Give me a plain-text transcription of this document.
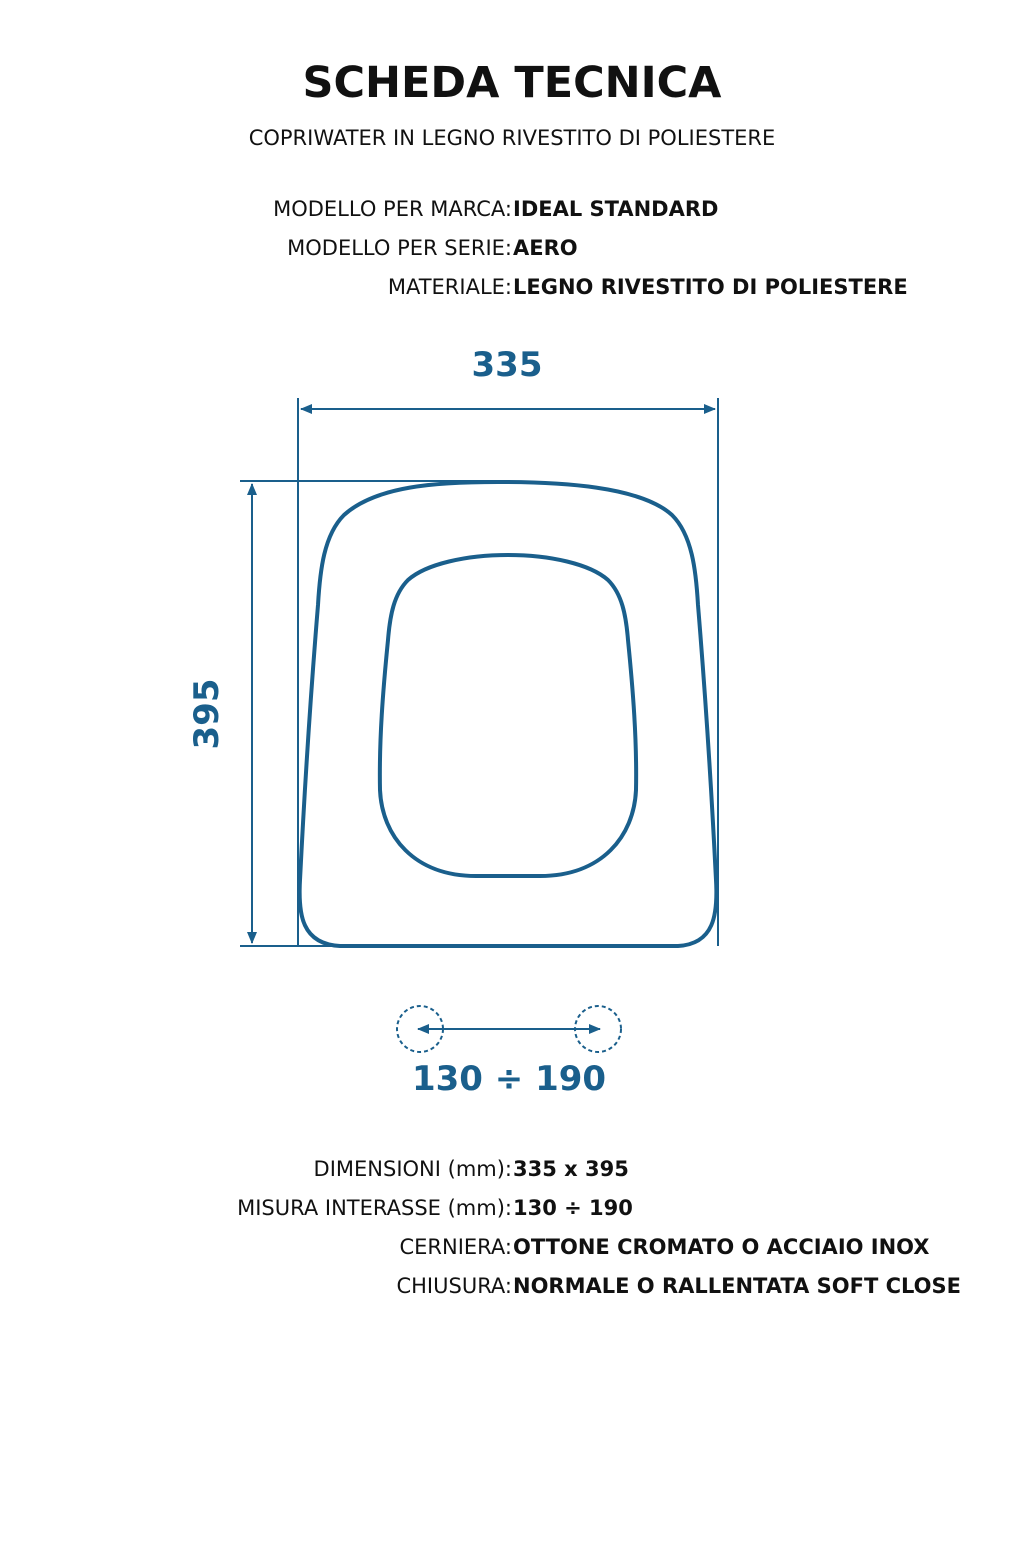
SCHEDA TECNICA

COPRIWATER IN LEGNO RIVESTITO DI POLIESTERE

MODELLO PER MARCA: IDEAL STANDARD
MODELLO PER SERIE: AERO
MATERIALE: LEGNO RIVESTITO DI POLIESTERE
335
395
130 ÷ 190
DIMENSIONI (mm): 335 x 395
MISURA INTERASSE (mm): 130 ÷ 190
CERNIERA: OTTONE CROMATO O ACCIAIO INOX
CHIUSURA: NORMALE O RALLENTATA SOFT CLOSE
